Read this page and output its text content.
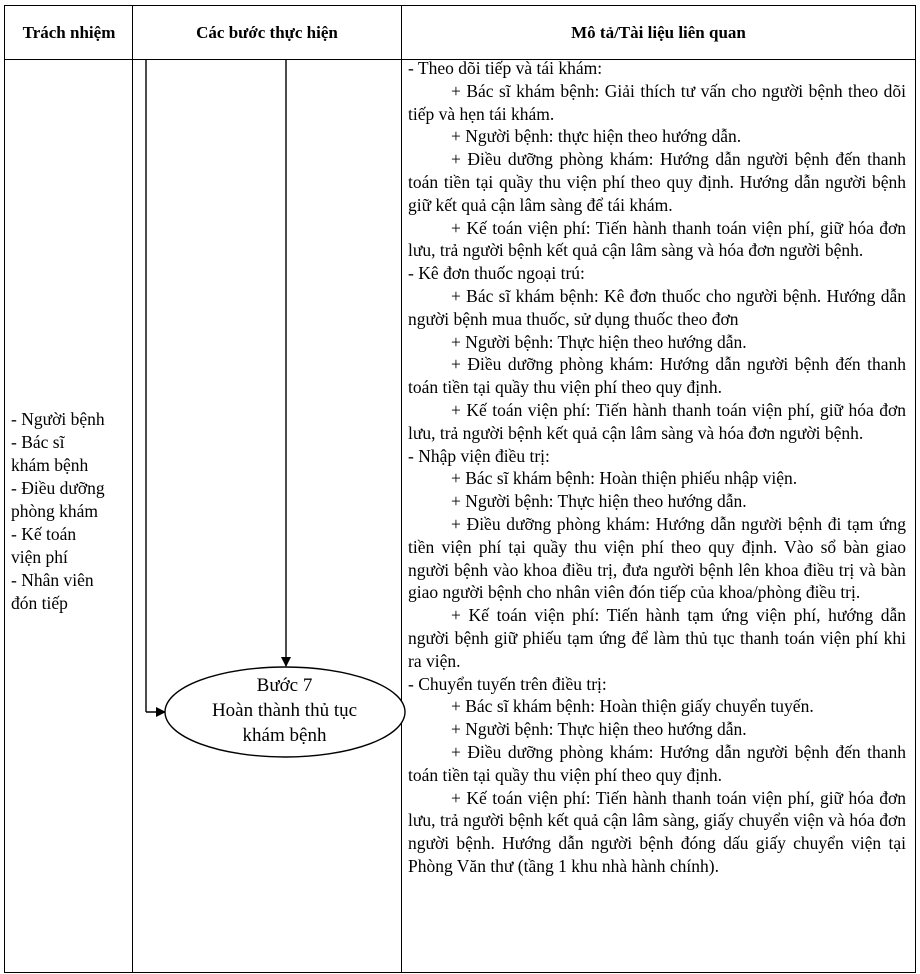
Trách nhiệm	Các bước thực hiện	Mô tả/Tài liệu liên quan
- Người bệnh
- Bác sĩ
khám bệnh
- Điều dưỡng
phòng khám
- Kế toán
viện phí
- Nhân viên
đón tiếp
Bước 7
Hoàn thành thủ tục
khám bệnh

- Theo dõi tiếp và tái khám:

+ Bác sĩ khám bệnh: Giải thích tư vấn cho người bệnh theo dõi tiếp và hẹn tái khám.

+ Người bệnh: thực hiện theo hướng dẫn.

+ Điều dưỡng phòng khám: Hướng dẫn người bệnh đến thanh toán tiền tại quầy thu viện phí theo quy định. Hướng dẫn người bệnh giữ kết quả cận lâm sàng để tái khám.

+ Kế toán viện phí: Tiến hành thanh toán viện phí, giữ hóa đơn lưu, trả người bệnh kết quả cận lâm sàng và hóa đơn người bệnh.

- Kê đơn thuốc ngoại trú:

+ Bác sĩ khám bệnh: Kê đơn thuốc cho người bệnh. Hướng dẫn người bệnh mua thuốc, sử dụng thuốc theo đơn

+ Người bệnh: Thực hiện theo hướng dẫn.

+ Điều dưỡng phòng khám: Hướng dẫn người bệnh đến thanh toán tiền tại quầy thu viện phí theo quy định.

+ Kế toán viện phí: Tiến hành thanh toán viện phí, giữ hóa đơn lưu, trả người bệnh kết quả cận lâm sàng và hóa đơn người bệnh.

- Nhập viện điều trị:

+ Bác sĩ khám bệnh: Hoàn thiện phiếu nhập viện.

+ Người bệnh: Thực hiện theo hướng dẫn.

+ Điều dưỡng phòng khám: Hướng dẫn người bệnh đi tạm ứng tiền viện phí tại quầy thu viện phí theo quy định. Vào sổ bàn giao người bệnh vào khoa điều trị, đưa người bệnh lên khoa điều trị và bàn giao người bệnh cho nhân viên đón tiếp của khoa/phòng điều trị.

+ Kế toán viện phí: Tiến hành tạm ứng viện phí, hướng dẫn người bệnh giữ phiếu tạm ứng để làm thủ tục thanh toán viện phí khi ra viện.

- Chuyển tuyến trên điều trị:

+ Bác sĩ khám bệnh: Hoàn thiện giấy chuyển tuyến.

+ Người bệnh: Thực hiện theo hướng dẫn.

+ Điều dưỡng phòng khám: Hướng dẫn người bệnh đến thanh toán tiền tại quầy thu viện phí theo quy định.

+ Kế toán viện phí: Tiến hành thanh toán viện phí, giữ hóa đơn lưu, trả người bệnh kết quả cận lâm sàng, giấy chuyển viện và hóa đơn người bệnh. Hướng dẫn người bệnh đóng dấu giấy chuyển viện tại Phòng Văn thư (tầng 1 khu nhà hành chính).
